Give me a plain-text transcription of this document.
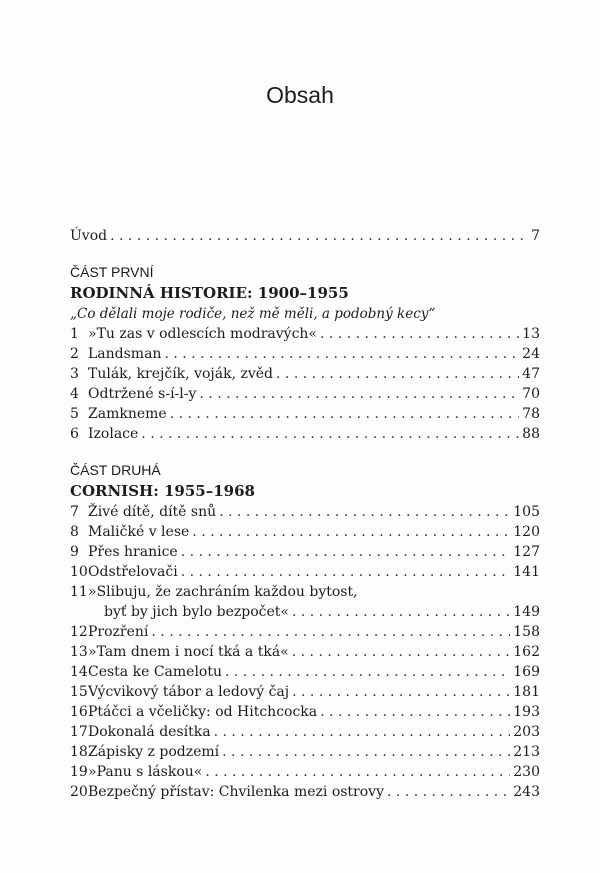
Obsah
Úvod . . .	7
ČÁST PRVNÍ
RODINNÁ HISTORIE: 1900–1955
„Co dělali moje rodiče, než mě měli, a podobný kecy“
1 »Tu zas v odlescích modravých« . . .	13
2 Landsman . . .	24
3 Tulák, krejčík, voják, zvěd . . .	47
4 Odtržené s-í-l-y . . .	70
5 Zamkneme . . .	78
6 Izolace . . .	88
ČÁST DRUHÁ
CORNISH: 1955–1968
7 Živé dítě, dítě snů . . .	105
8 Maličké v lese . . .	120
9 Přes hranice . . .	127
10 Odstřelovači . . .	141
11 »Slibuju, že zachráním každou bytost,
byť by jich bylo bezpočet« . . .	149
12 Prozření . . .	158
13 »Tam dnem i nocí tká a tká« . . .	162
14 Cesta ke Camelotu . . .	169
15 Výcvikový tábor a ledový čaj . . .	181
16 Ptáčci a včeličky: od Hitchcocka . . .	193
17 Dokonalá desítka . . .	203
18 Zápisky z podzemí . . .	213
19 »Panu s láskou« . . .	230
20 Bezpečný přístav: Chvilenka mezi ostrovy . . .	243
